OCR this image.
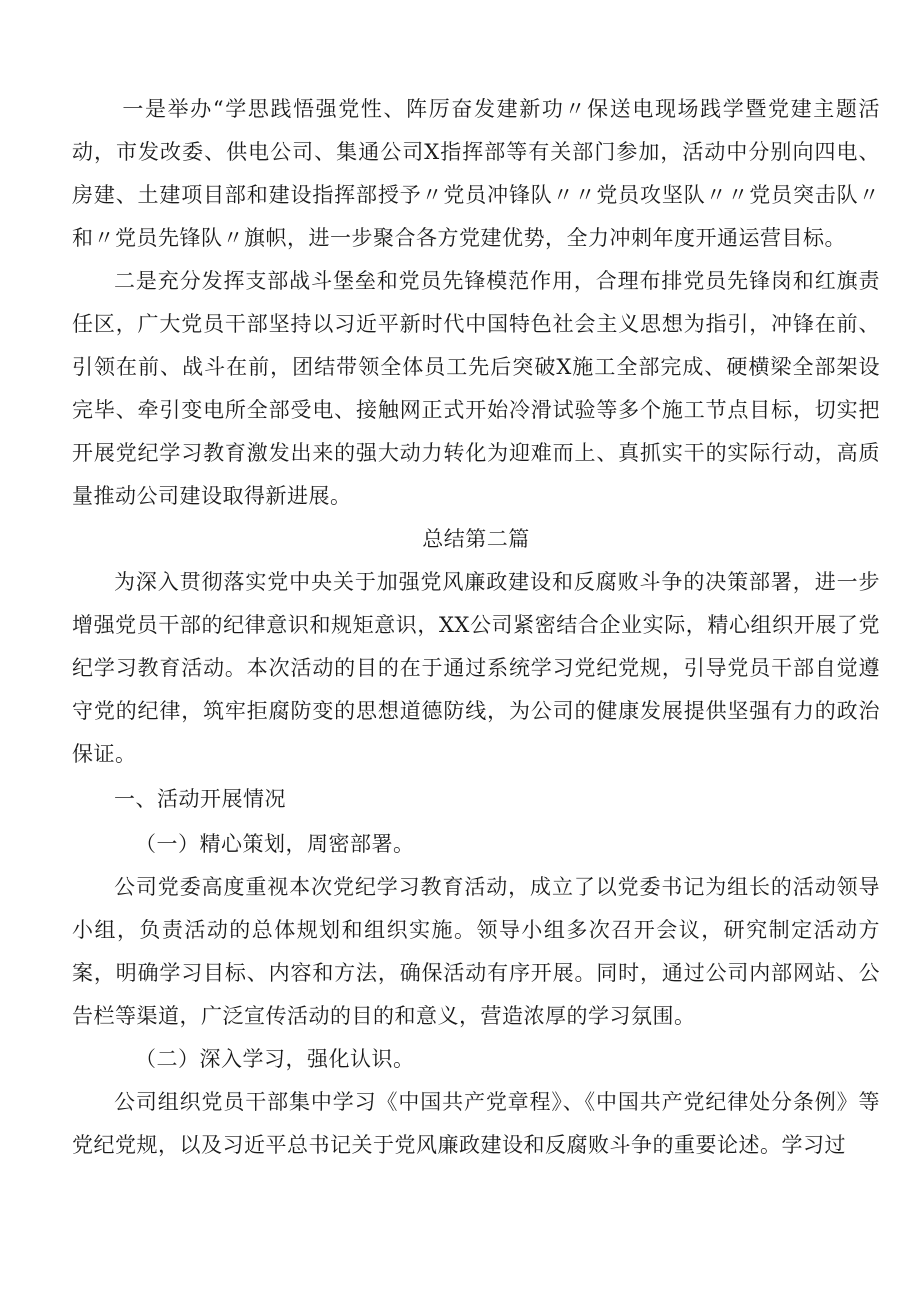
一是举办“学思践悟强党性、阵厉奋发建新功〃保送电现场践学暨党建主题活动，市发改委、供电公司、集通公司X指挥部等有关部门参加，活动中分别向四电、房建、土建项目部和建设指挥部授予〃党员冲锋队〃〃党员攻坚队〃〃党员突击队〃和〃党员先锋队〃旗帜，进一步聚合各方党建优势，全力冲刺年度开通运营目标。

二是充分发挥支部战斗堡垒和党员先锋模范作用，合理布排党员先锋岗和红旗责任区，广大党员干部坚持以习近平新时代中国特色社会主义思想为指引，冲锋在前、引领在前、战斗在前，团结带领全体员工先后突破X施工全部完成、硬横梁全部架设完毕、牵引变电所全部受电、接触网正式开始冷滑试验等多个施工节点目标，切实把开展党纪学习教育激发出来的强大动力转化为迎难而上、真抓实干的实际行动，高质量推动公司建设取得新进展。

总结第二篇

为深入贯彻落实党中央关于加强党风廉政建设和反腐败斗争的决策部署，进一步增强党员干部的纪律意识和规矩意识，XX公司紧密结合企业实际，精心组织开展了党纪学习教育活动。本次活动的目的在于通过系统学习党纪党规，引导党员干部自觉遵守党的纪律，筑牢拒腐防变的思想道德防线，为公司的健康发展提供坚强有力的政治保证。

一、活动开展情况

（一）精心策划，周密部署。

公司党委高度重视本次党纪学习教育活动，成立了以党委书记为组长的活动领导小组，负责活动的总体规划和组织实施。领导小组多次召开会议，研究制定活动方案，明确学习目标、内容和方法，确保活动有序开展。同时，通过公司内部网站、公告栏等渠道，广泛宣传活动的目的和意义，营造浓厚的学习氛围。

（二）深入学习，强化认识。

公司组织党员干部集中学习《中国共产党章程》、《中国共产党纪律处分条例》等党纪党规，以及习近平总书记关于党风廉政建设和反腐败斗争的重要论述。学习过
